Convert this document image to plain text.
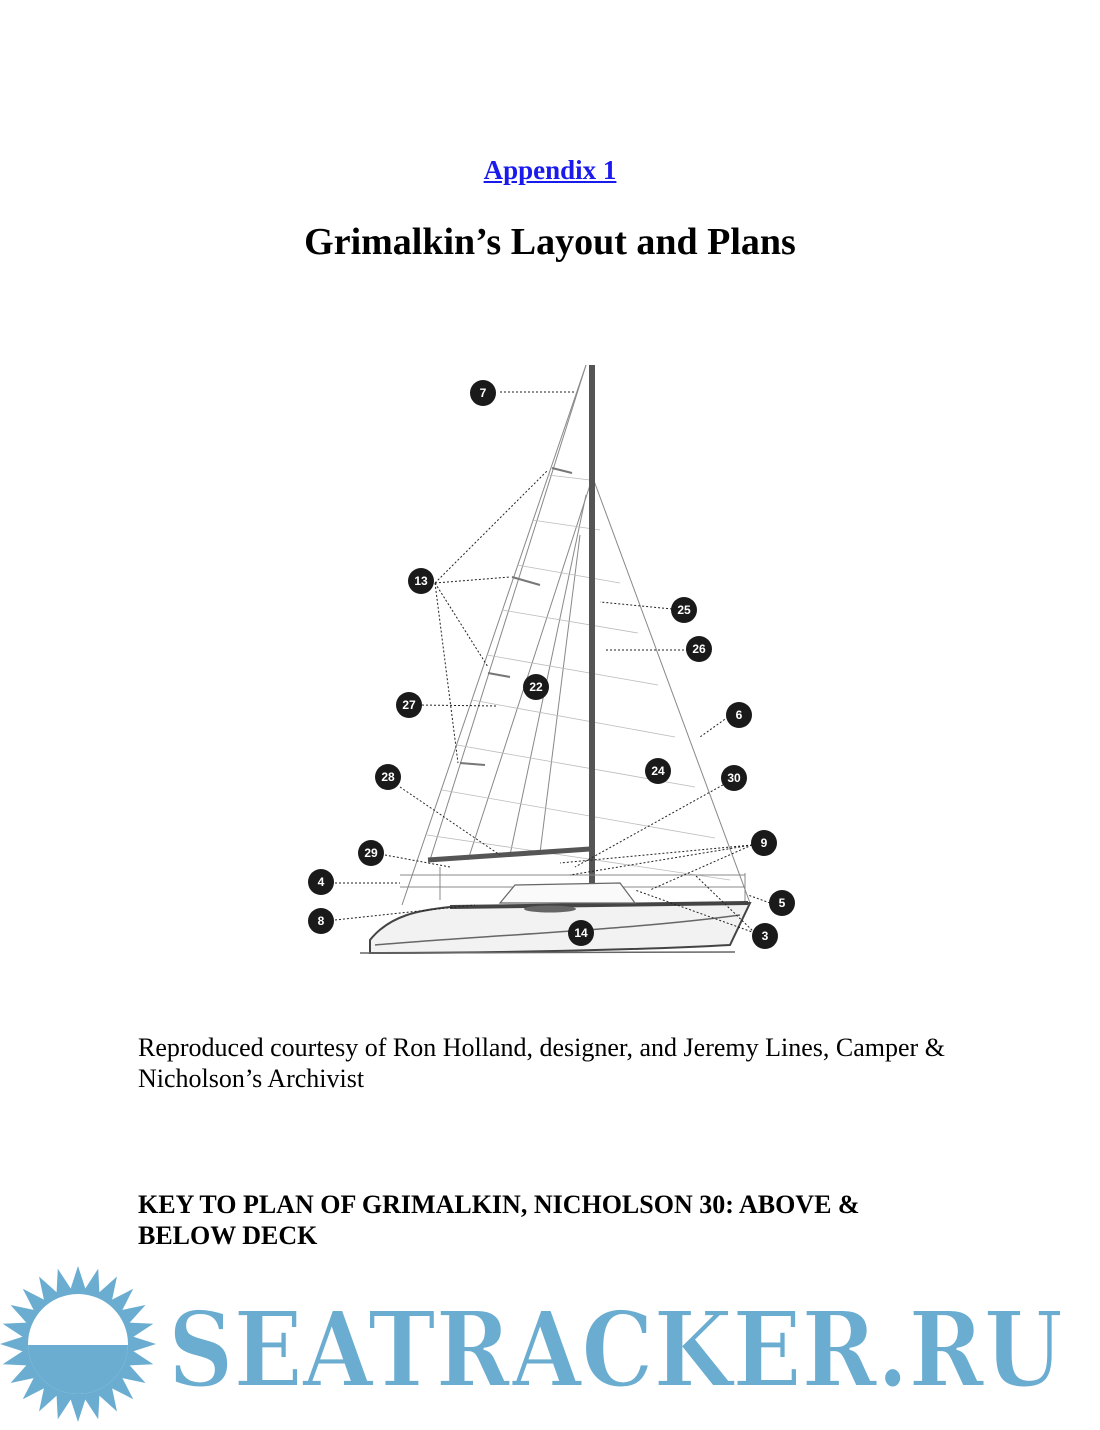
Appendix 1
Grimalkin’s Layout and Plans
7
13
25
26
22
27
6
24	30
28
29
9
4
5
8
14	3
Reproduced courtesy of Ron Holland, designer, and Jeremy Lines, Camper & Nicholson’s Archivist
KEY TO PLAN OF GRIMALKIN, NICHOLSON 30: ABOVE & BELOW DECK
SEATRACKER.RU
